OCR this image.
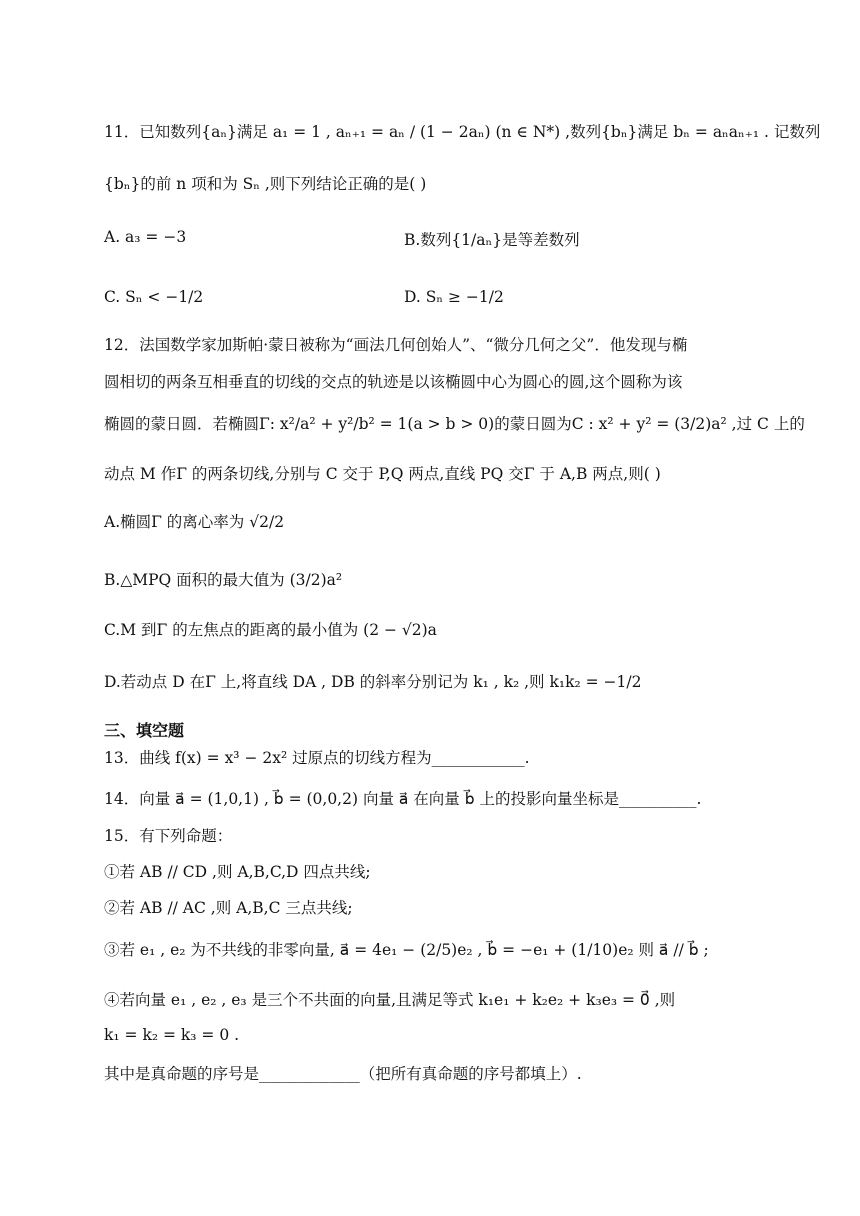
11．已知数列{aₙ}满足 a₁ = 1 , aₙ₊₁ = aₙ / (1 − 2aₙ) (n ∈ N*) ,数列{bₙ}满足 bₙ = aₙaₙ₊₁ . 记数列
{bₙ}的前 n 项和为 Sₙ ,则下列结论正确的是( )
A. a₃ = −3	B.数列{1/aₙ}是等差数列
C. Sₙ < −1/2	D. Sₙ ≥ −1/2
12．法国数学家加斯帕·蒙日被称为“画法几何创始人”、“微分几何之父”．他发现与椭
圆相切的两条互相垂直的切线的交点的轨迹是以该椭圆中心为圆心的圆,这个圆称为该
椭圆的蒙日圆．若椭圆Γ: x²/a² + y²/b² = 1(a > b > 0)的蒙日圆为C : x² + y² = (3/2)a² ,过 C 上的
动点 M 作Γ 的两条切线,分别与 C 交于 P,Q 两点,直线 PQ 交Γ 于 A,B 两点,则( )
A.椭圆Γ 的离心率为 √2/2
B.△MPQ 面积的最大值为 (3/2)a²
C.M 到Γ 的左焦点的距离的最小值为 (2 − √2)a
D.若动点 D 在Γ 上,将直线 DA , DB 的斜率分别记为 k₁ , k₂ ,则 k₁k₂ = −1/2
三、填空题
13．曲线 f(x) = x³ − 2x² 过原点的切线方程为____________.
14．向量 a⃗ = (1,0,1) , b⃗ = (0,0,2) 向量 a⃗ 在向量 b⃗ 上的投影向量坐标是__________.
15．有下列命题：
①若 AB // CD ,则 A,B,C,D 四点共线;
②若 AB // AC ,则 A,B,C 三点共线;
③若 e₁ , e₂ 为不共线的非零向量, a⃗ = 4e₁ − (2/5)e₂ , b⃗ = −e₁ + (1/10)e₂ 则 a⃗ // b⃗ ;
④若向量 e₁ , e₂ , e₃ 是三个不共面的向量,且满足等式 k₁e₁ + k₂e₂ + k₃e₃ = 0⃗ ,则
k₁ = k₂ = k₃ = 0 .
其中是真命题的序号是_____________（把所有真命题的序号都填上）.
